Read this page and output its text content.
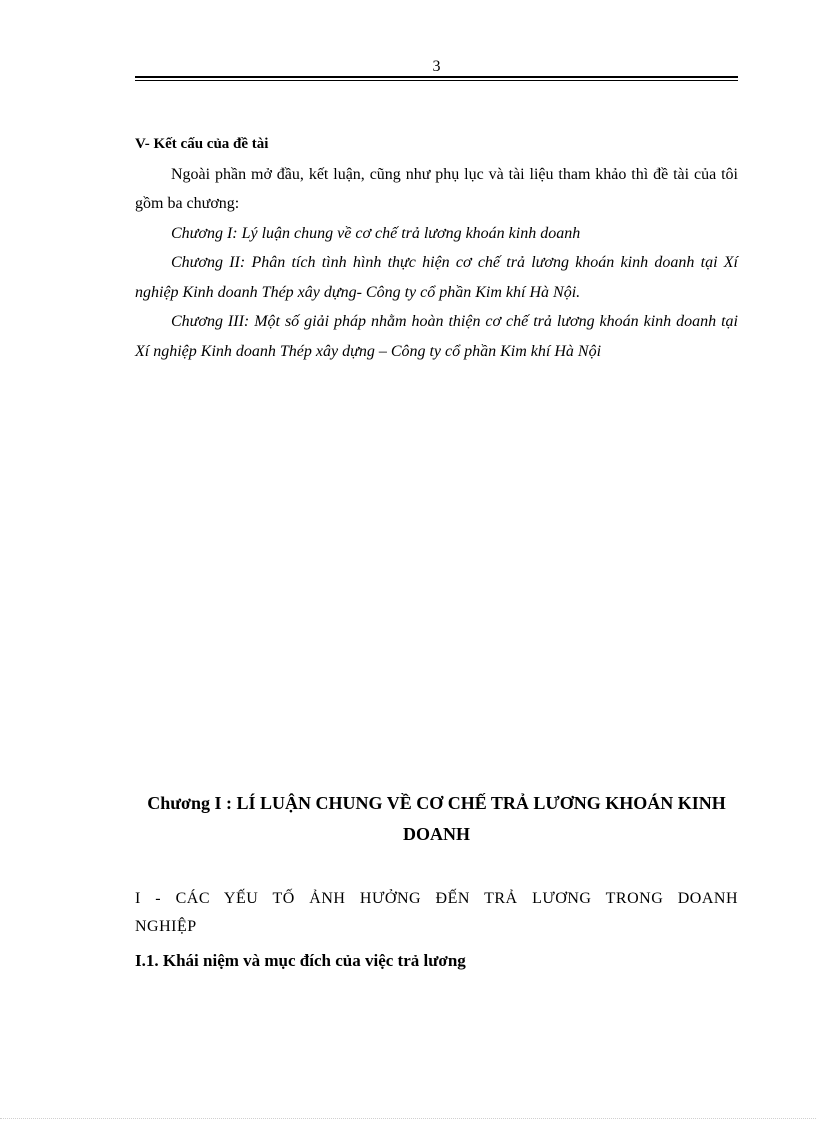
3

V- Kết cấu của đề tài

Ngoài phần mở đầu, kết luận, cũng như phụ lục và tài liệu tham khảo thì đề tài của tôi gồm ba chương:

Chương I: Lý luận chung về cơ chế trả lương khoán kinh doanh

Chương II: Phân tích tình hình thực hiện cơ chế trả lương khoán kinh doanh tại Xí nghiệp Kinh doanh Thép xây dựng- Công ty cổ phần Kim khí Hà Nội.

Chương III: Một số giải pháp nhằm hoàn thiện cơ chế trả lương khoán kinh doanh tại Xí nghiệp Kinh doanh Thép xây dựng – Công ty cổ phần Kim khí Hà Nội

Chương I : LÍ LUẬN CHUNG VỀ CƠ CHẾ TRẢ LƯƠNG KHOÁN KINH DOANH

I - CÁC YẾU TỐ ẢNH HƯỞNG ĐẾN TRẢ LƯƠNG TRONG DOANH NGHIỆP

I.1. Khái niệm và mục đích của việc trả lương
